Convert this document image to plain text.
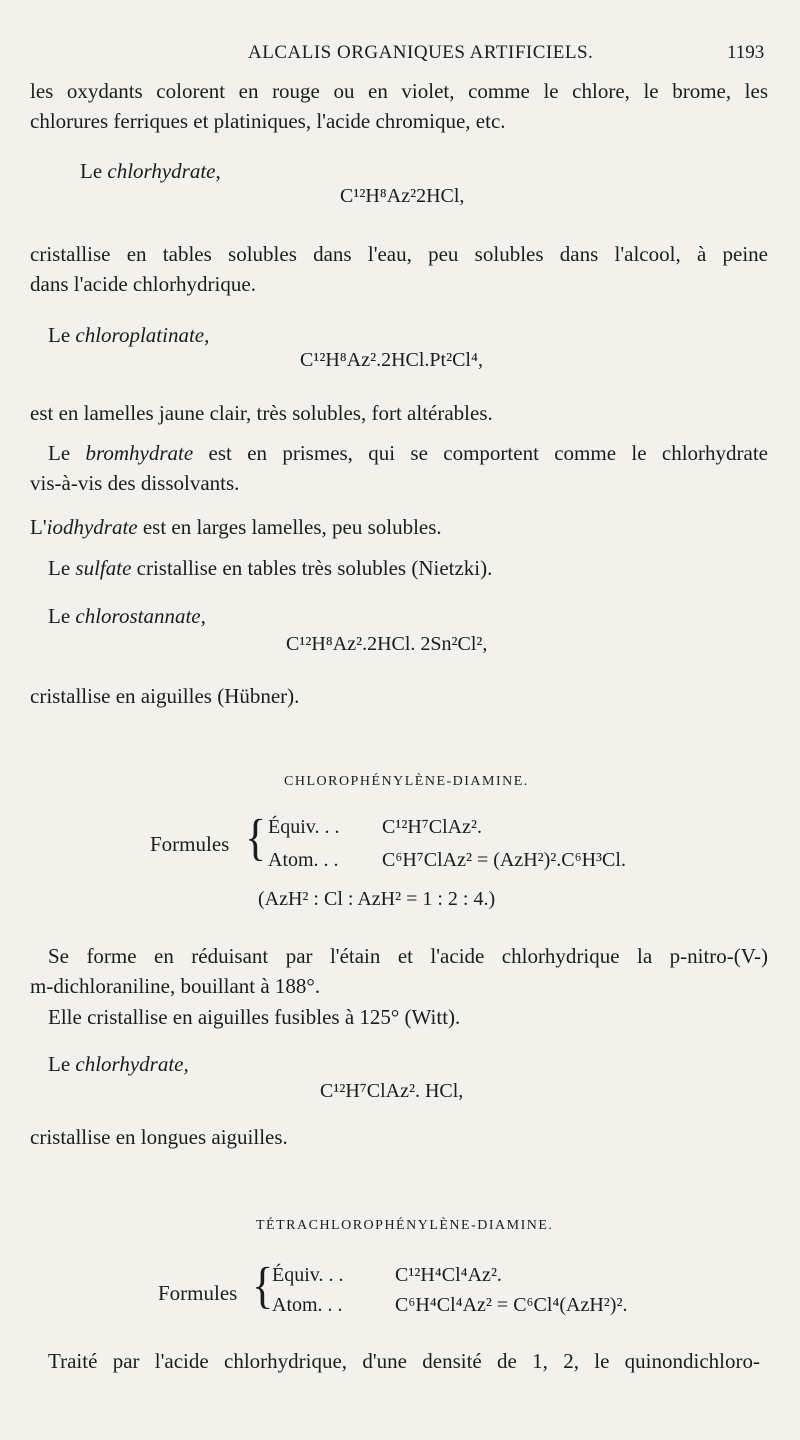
ALCALIS ORGANIQUES ARTIFICIELS.	1193
les oxydants colorent en rouge ou en violet, comme le chlore, le brome, les
chlorures ferriques et platiniques, l'acide chromique, etc.
Le chlorhydrate,
C¹²H⁸Az²2HCl,
cristallise en tables solubles dans l'eau, peu solubles dans l'alcool, à peine
dans l'acide chlorhydrique.
Le chloroplatinate,
C¹²H⁸Az².2HCl.Pt²Cl⁴,
est en lamelles jaune clair, très solubles, fort altérables.
Le bromhydrate est en prismes, qui se comportent comme le chlorhydrate
vis-à-vis des dissolvants.
L'iodhydrate est en larges lamelles, peu solubles.
Le sulfate cristallise en tables très solubles (Nietzki).
Le chlorostannate,
C¹²H⁸Az².2HCl. 2Sn²Cl²,
cristallise en aiguilles (Hübner).
CHLOROPHÉNYLÈNE-DIAMINE.
Formules { Équiv. . . C¹²H⁷ClAz².
Atom. . . C⁶H⁷ClAz² = (AzH²)².C⁶H³Cl.
(AzH² : Cl : AzH² = 1 : 2 : 4.)
Se forme en réduisant par l'étain et l'acide chlorhydrique la p-nitro-(V-)
m-dichloraniline, bouillant à 188°.
Elle cristallise en aiguilles fusibles à 125° (Witt).
Le chlorhydrate,
C¹²H⁷ClAz². HCl,
cristallise en longues aiguilles.
TÉTRACHLOROPHÉNYLÈNE-DIAMINE.
Formules {
Équiv. . .	C¹²H⁴Cl⁴Az².
Atom. . .	C⁶H⁴Cl⁴Az² = C⁶Cl⁴(AzH²)².
Traité par l'acide chlorhydrique, d'une densité de 1, 2, le quinondichloro-
